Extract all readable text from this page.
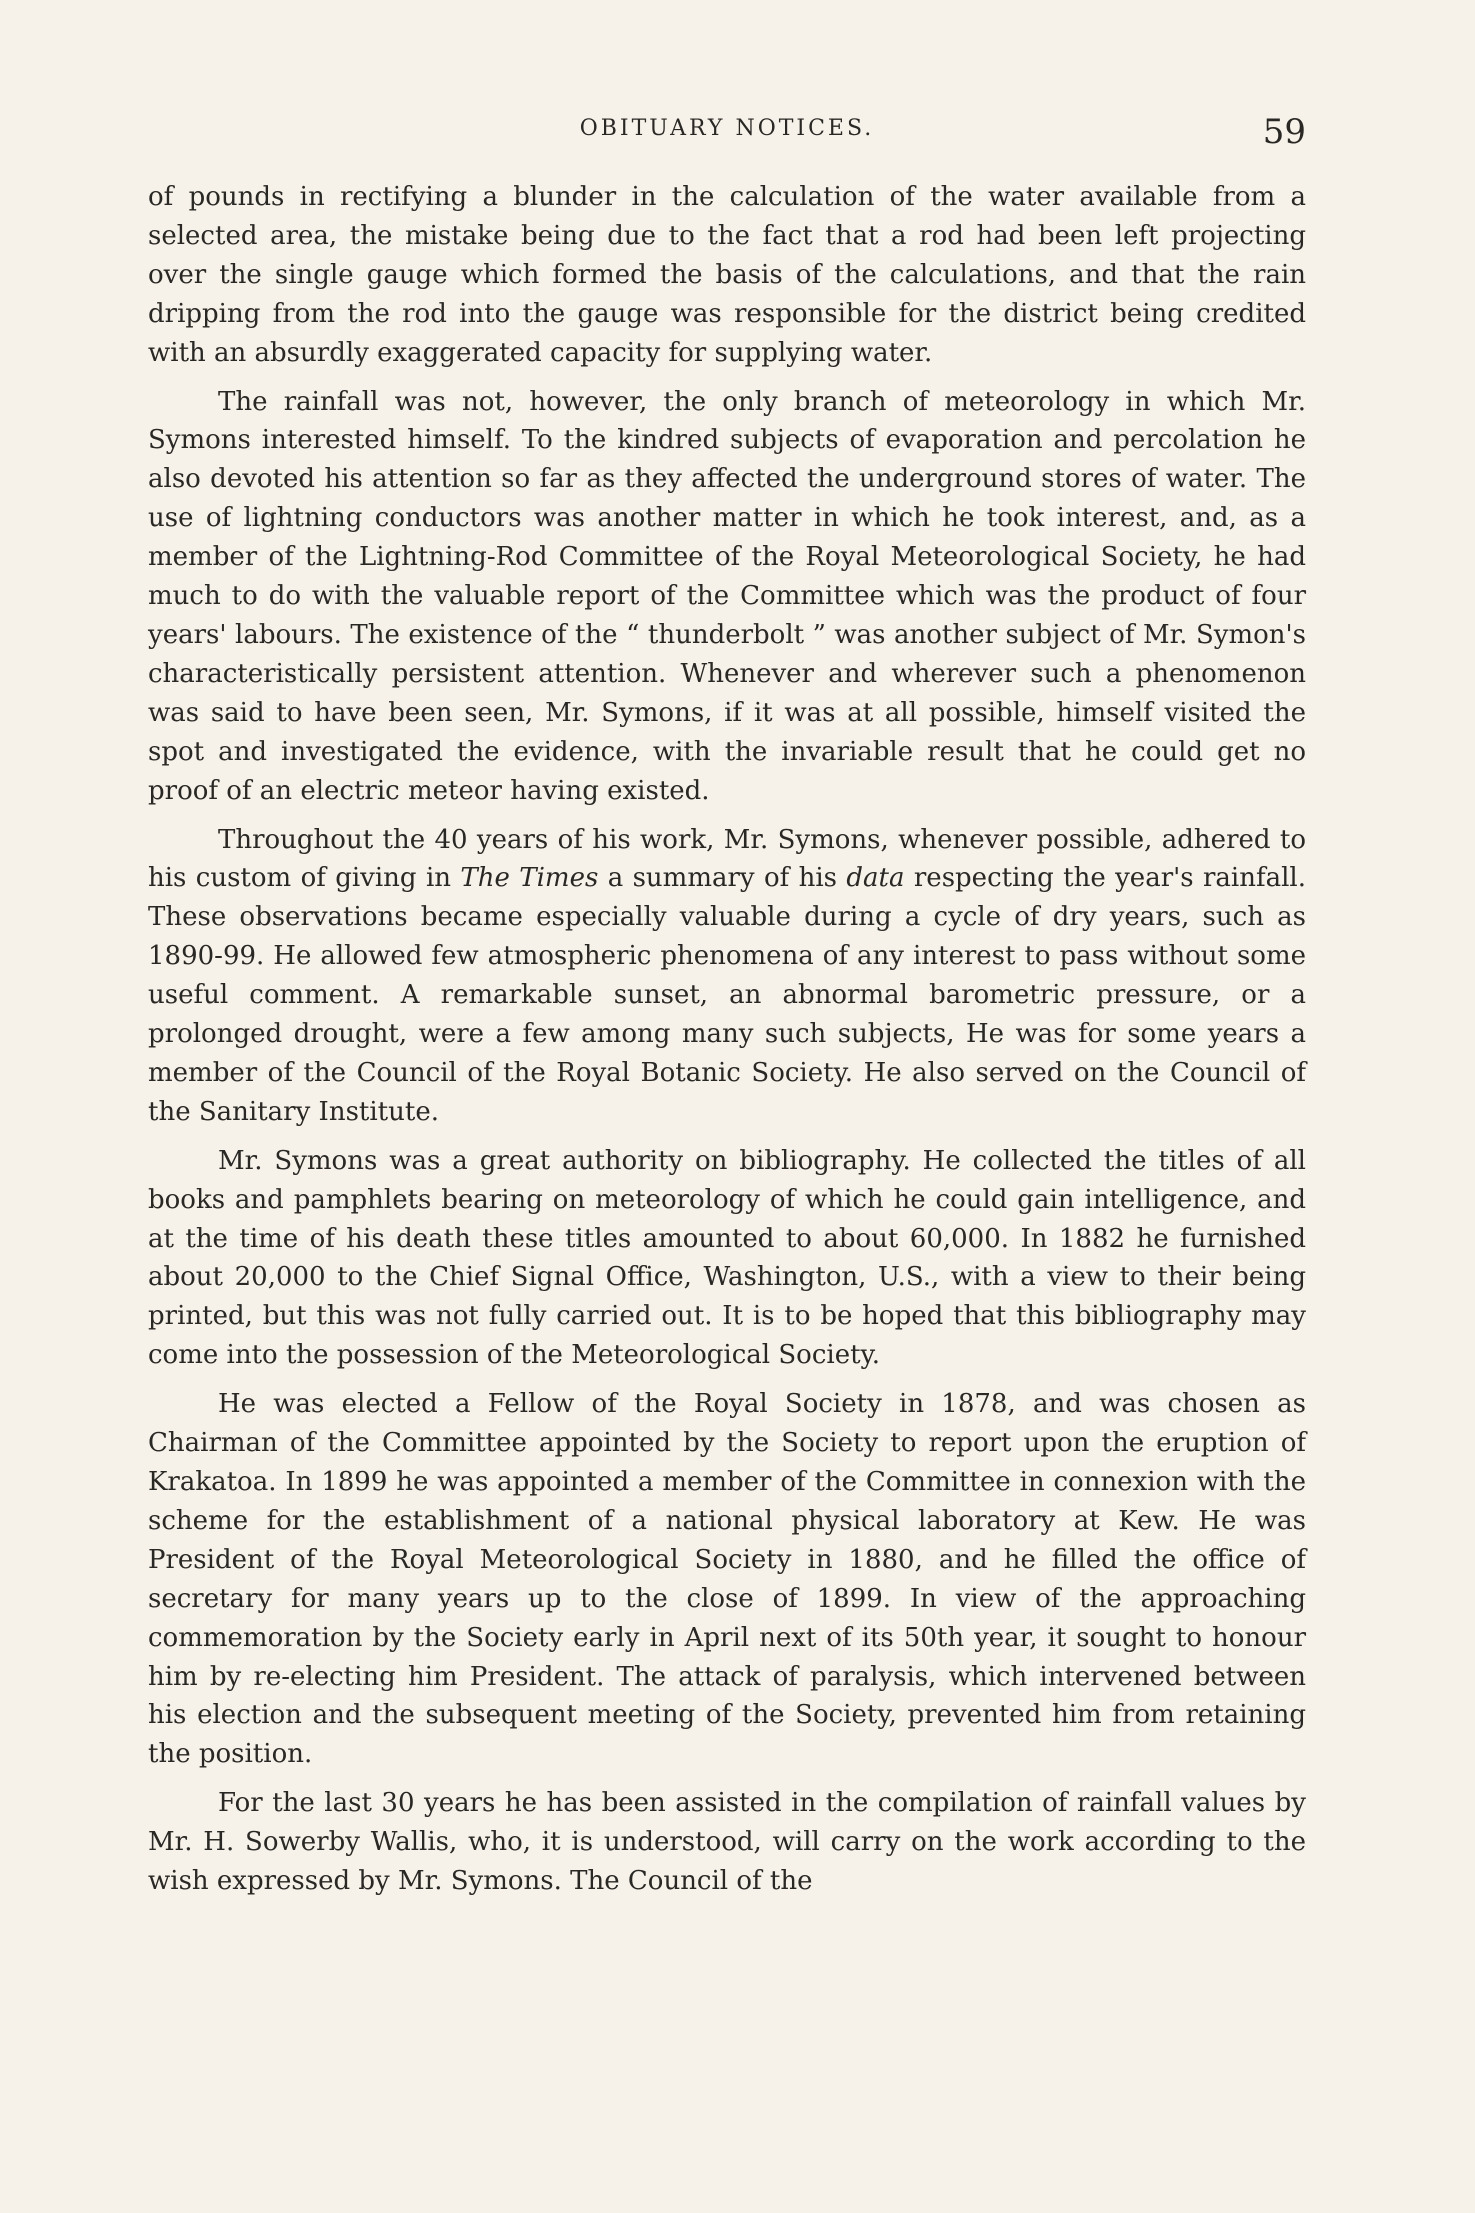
OBITUARY NOTICES.	59

of pounds in rectifying a blunder in the calculation of the water available from a selected area, the mistake being due to the fact that a rod had been left projecting over the single gauge which formed the basis of the calculations, and that the rain dripping from the rod into the gauge was responsible for the district being credited with an absurdly exaggerated capacity for supplying water.

The rainfall was not, however, the only branch of meteorology in which Mr. Symons interested himself. To the kindred subjects of evaporation and percolation he also devoted his attention so far as they affected the underground stores of water. The use of lightning conductors was another matter in which he took interest, and, as a member of the Lightning-Rod Committee of the Royal Meteorological Society, he had much to do with the valuable report of the Committee which was the product of four years' labours. The existence of the “ thunderbolt ” was another subject of Mr. Symon's characteristically persistent attention. Whenever and wherever such a phenomenon was said to have been seen, Mr. Symons, if it was at all possible, himself visited the spot and investigated the evidence, with the invariable result that he could get no proof of an electric meteor having existed.

Throughout the 40 years of his work, Mr. Symons, whenever possible, adhered to his custom of giving in The Times a summary of his data respecting the year's rainfall. These observations became especially valuable during a cycle of dry years, such as 1890-99. He allowed few atmospheric phenomena of any interest to pass without some useful comment. A remarkable sunset, an abnormal barometric pressure, or a prolonged drought, were a few among many such subjects, He was for some years a member of the Council of the Royal Botanic Society. He also served on the Council of the Sanitary Institute.

Mr. Symons was a great authority on bibliography. He collected the titles of all books and pamphlets bearing on meteorology of which he could gain intelligence, and at the time of his death these titles amounted to about 60,000. In 1882 he furnished about 20,000 to the Chief Signal Office, Washington, U.S., with a view to their being printed, but this was not fully carried out. It is to be hoped that this bibliography may come into the possession of the Meteorological Society.

He was elected a Fellow of the Royal Society in 1878, and was chosen as Chairman of the Committee appointed by the Society to report upon the eruption of Krakatoa. In 1899 he was appointed a member of the Committee in connexion with the scheme for the establishment of a national physical laboratory at Kew. He was President of the Royal Meteorological Society in 1880, and he filled the office of secretary for many years up to the close of 1899. In view of the approaching commemoration by the Society early in April next of its 50th year, it sought to honour him by re-electing him President. The attack of paralysis, which intervened between his election and the subsequent meeting of the Society, prevented him from retaining the position.

For the last 30 years he has been assisted in the compilation of rainfall values by Mr. H. Sowerby Wallis, who, it is understood, will carry on the work according to the wish expressed by Mr. Symons. The Council of the
